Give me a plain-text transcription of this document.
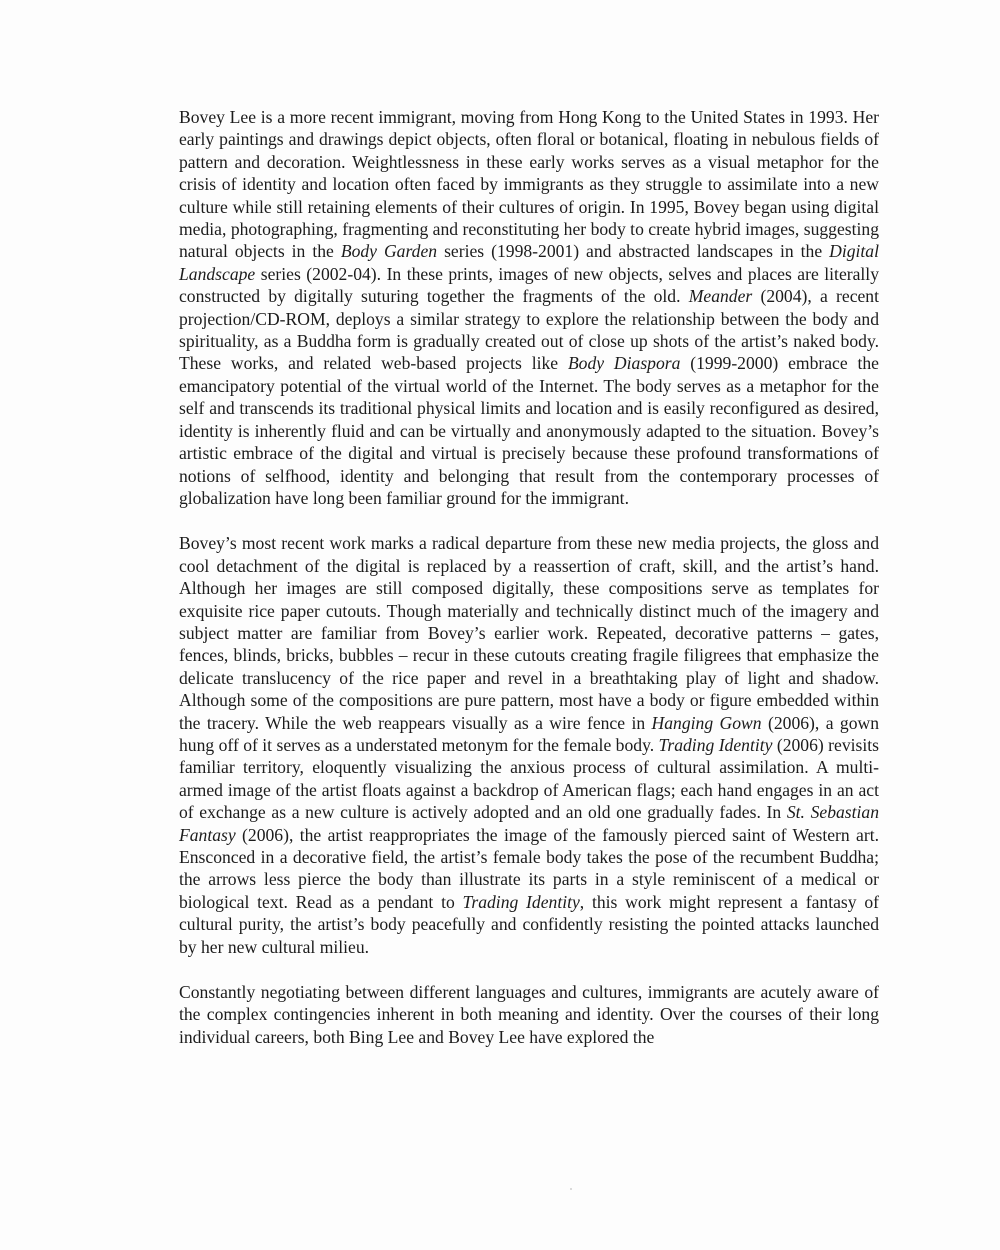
Bovey Lee is a more recent immigrant, moving from Hong Kong to the United States in 1993. Her early paintings and drawings depict objects, often floral or botanical, floating in nebulous fields of pattern and decoration. Weightlessness in these early works serves as a visual metaphor for the crisis of identity and location often faced by immigrants as they struggle to assimilate into a new culture while still retaining elements of their cultures of origin. In 1995, Bovey began using digital media, photographing, fragmenting and reconstituting her body to create hybrid images, suggesting natural objects in the Body Garden series (1998-2001) and abstracted landscapes in the Digital Landscape series (2002-04). In these prints, images of new objects, selves and places are literally constructed by digitally suturing together the fragments of the old. Meander (2004), a recent projection/CD-ROM, deploys a similar strategy to explore the relationship between the body and spirituality, as a Buddha form is gradually created out of close up shots of the artist’s naked body. These works, and related web-based projects like Body Diaspora (1999-2000) embrace the emancipatory potential of the virtual world of the Internet. The body serves as a metaphor for the self and transcends its traditional physical limits and location and is easily reconfigured as desired, identity is inherently fluid and can be virtually and anonymously adapted to the situation. Bovey’s artistic embrace of the digital and virtual is precisely because these profound transformations of notions of selfhood, identity and belonging that result from the contemporary processes of globalization have long been familiar ground for the immigrant.

Bovey’s most recent work marks a radical departure from these new media projects, the gloss and cool detachment of the digital is replaced by a reassertion of craft, skill, and the artist’s hand. Although her images are still composed digitally, these compositions serve as templates for exquisite rice paper cutouts. Though materially and technically distinct much of the imagery and subject matter are familiar from Bovey’s earlier work. Repeated, decorative patterns – gates, fences, blinds, bricks, bubbles – recur in these cutouts creating fragile filigrees that emphasize the delicate translucency of the rice paper and revel in a breathtaking play of light and shadow. Although some of the compositions are pure pattern, most have a body or figure embedded within the tracery. While the web reappears visually as a wire fence in Hanging Gown (2006), a gown hung off of it serves as a understated metonym for the female body. Trading Identity (2006) revisits familiar territory, eloquently visualizing the anxious process of cultural assimilation. A multi-armed image of the artist floats against a backdrop of American flags; each hand engages in an act of exchange as a new culture is actively adopted and an old one gradually fades. In St. Sebastian Fantasy (2006), the artist reappropriates the image of the famously pierced saint of Western art. Ensconced in a decorative field, the artist’s female body takes the pose of the recumbent Buddha; the arrows less pierce the body than illustrate its parts in a style reminiscent of a medical or biological text. Read as a pendant to Trading Identity, this work might represent a fantasy of cultural purity, the artist’s body peacefully and confidently resisting the pointed attacks launched by her new cultural milieu.

Constantly negotiating between different languages and cultures, immigrants are acutely aware of the complex contingencies inherent in both meaning and identity. Over the courses of their long individual careers, both Bing Lee and Bovey Lee have explored the
